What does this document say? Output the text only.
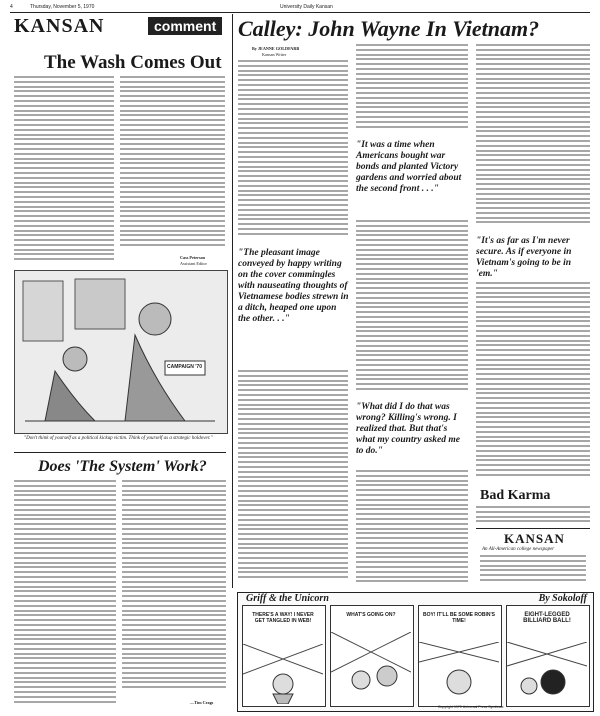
4	Thursday, November 5, 1970	University Daily Kansan
KANSAN	comment
The Wash Comes Out
Cass Peterson
Assistant Editor
CAMPAIGN '70
"Don't think of yourself as a political kickup victim. Think of yourself as a strategic holdover."
Does 'The System' Work?
—Tim Crags
Calley: John Wayne In Vietnam?
By JEANNE GOLDFARB
Kansan Writer
"The pleasant image conveyed by happy writing on the cover commingles with nauseating thoughts of Vietnamese bodies strewn in a ditch, heaped one upon the other. . ."
"It was a time when Americans bought war bonds and planted Victory gardens and worried about the second front . . ."
"What did I do that was wrong? Killing's wrong. I realized that. But that's what my country asked me to do."
"It's as far as I'm never secure. As if everyone in Vietnam's going to be in 'em."
Bad Karma
KANSAN
An All-American college newspaper
Griff & the Unicorn	By Sokoloff
THERE'S A WAY! I NEVER GET TANGLED IN WEB!
WHAT'S GOING ON?	BOY! IT'LL BE SOME ROBIN'S TIME!
EIGHT-LEGGED BILLIARD BALL!
Copyright 1970 Universal Press Syndicate
